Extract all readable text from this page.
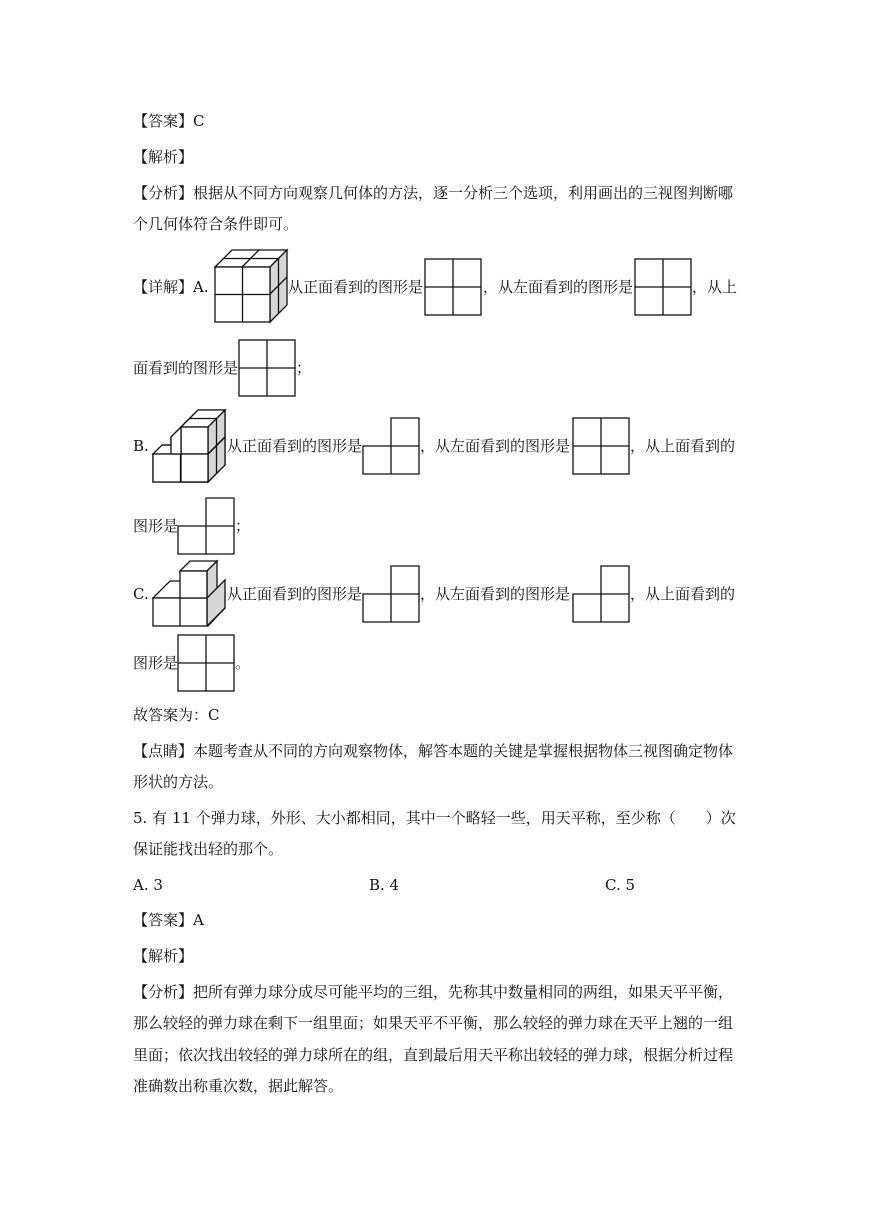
【答案】C
【解析】
【分析】根据从不同方向观察几何体的方法，逐一分析三个选项，利用画出的三视图判断哪
个几何体符合条件即可。
【详解】A.	从正面看到的图形是	，从左面看到的图形是	，从上
面看到的图形是	；
B.	从正面看到的图形是	，从左面看到的图形是	，从上面看到的
图形是	；
C.	从正面看到的图形是	，从左面看到的图形是	，从上面看到的
图形是	。
故答案为：C
【点睛】本题考查从不同的方向观察物体，解答本题的关键是掌握根据物体三视图确定物体
形状的方法。
5. 有 11 个弹力球，外形、大小都相同，其中一个略轻一些，用天平称，至少称（　　）次
保证能找出轻的那个。
A. 3	B. 4	C. 5
【答案】A
【解析】
【分析】把所有弹力球分成尽可能平均的三组，先称其中数量相同的两组，如果天平平衡，
那么较轻的弹力球在剩下一组里面；如果天平不平衡，那么较轻的弹力球在天平上翘的一组
里面；依次找出较轻的弹力球所在的组，直到最后用天平称出较轻的弹力球，根据分析过程
准确数出称重次数，据此解答。
